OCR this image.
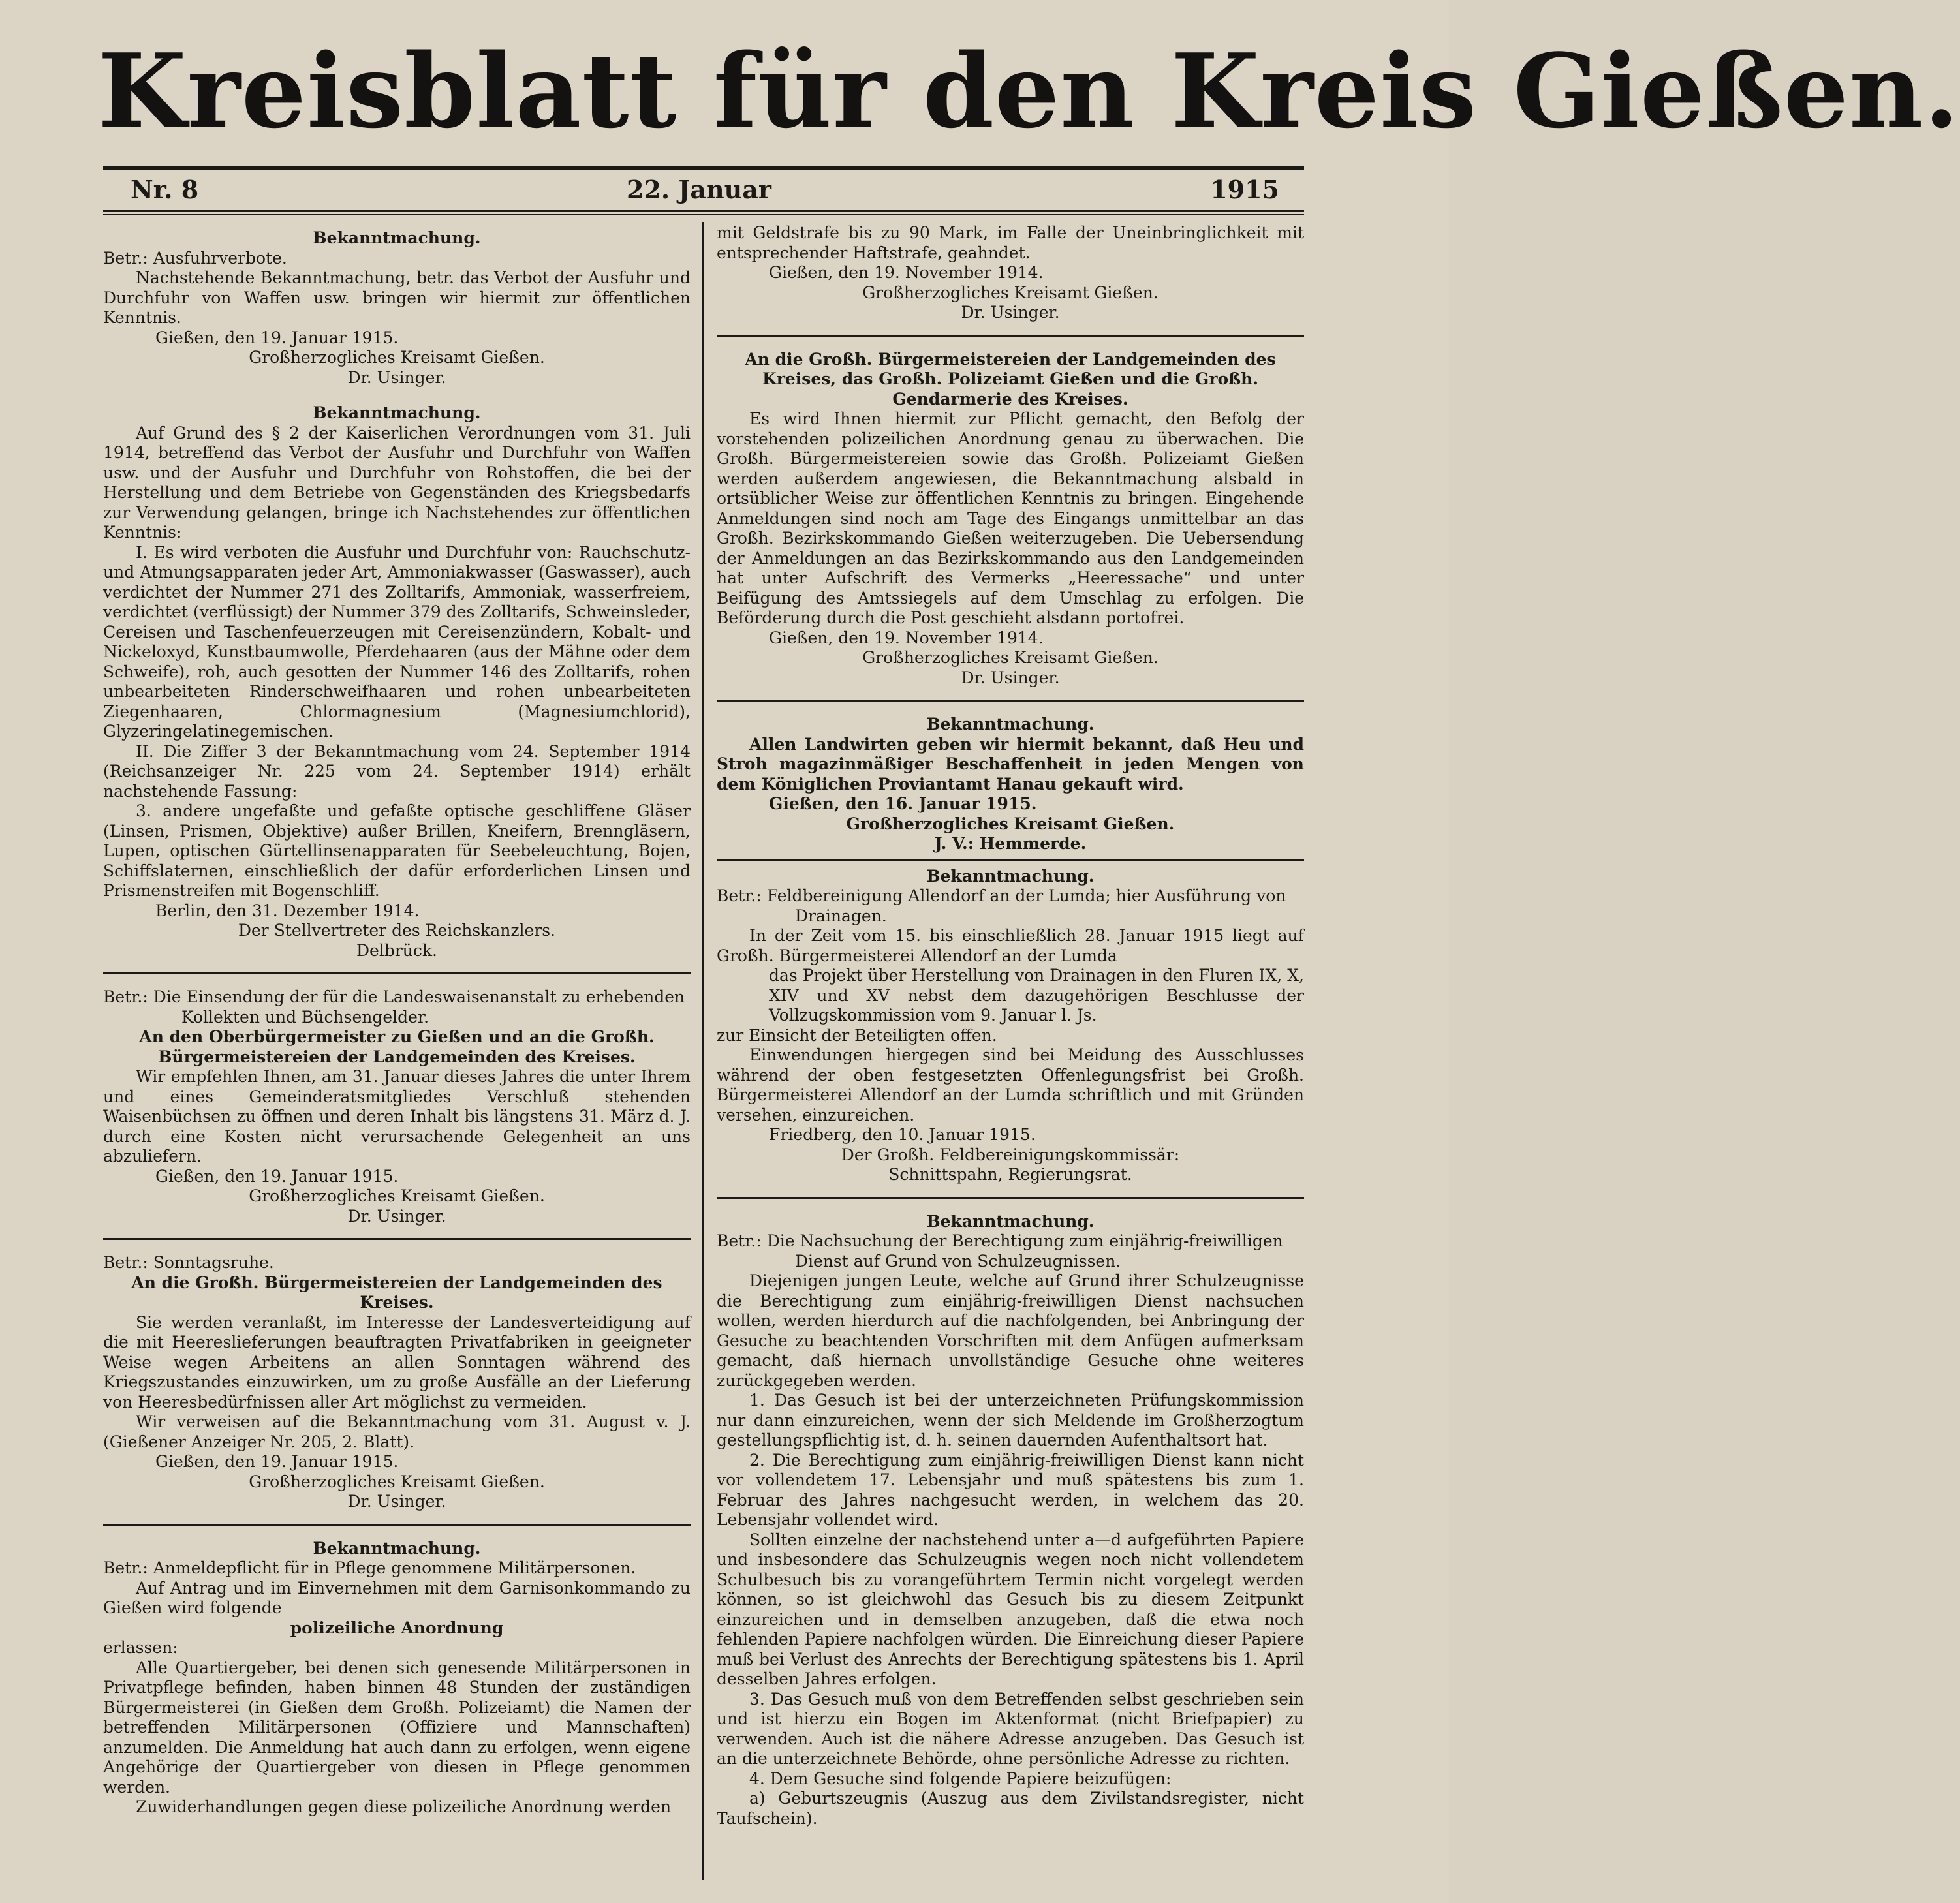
Kreisblatt für den Kreis Gießen.
Nr. 8	22. Januar	1915

Bekanntmachung.

Betr.: Ausfuhrverbote.

Nachstehende Bekanntmachung, betr. das Verbot der Ausfuhr und Durchfuhr von Waffen usw. bringen wir hiermit zur öffentlichen Kenntnis.

Gießen, den 19. Januar 1915.

Großherzogliches Kreisamt Gießen.

Dr. Usinger.

Bekanntmachung.

Auf Grund des § 2 der Kaiserlichen Verordnungen vom 31. Juli 1914, betreffend das Verbot der Ausfuhr und Durchfuhr von Waffen usw. und der Ausfuhr und Durchfuhr von Rohstoffen, die bei der Herstellung und dem Betriebe von Gegenständen des Kriegsbedarfs zur Verwendung gelangen, bringe ich Nachstehendes zur öffentlichen Kenntnis:

I. Es wird verboten die Ausfuhr und Durchfuhr von: Rauchschutz- und Atmungsapparaten jeder Art, Ammoniakwasser (Gaswasser), auch verdichtet der Nummer 271 des Zolltarifs, Ammoniak, wasserfreiem, verdichtet (verflüssigt) der Nummer 379 des Zolltarifs, Schweinsleder, Cereisen und Taschenfeuerzeugen mit Cereisenzündern, Kobalt- und Nickeloxyd, Kunstbaumwolle, Pferdehaaren (aus der Mähne oder dem Schweife), roh, auch gesotten der Nummer 146 des Zolltarifs, rohen unbearbeiteten Rinderschweifhaaren und rohen unbearbeiteten Ziegenhaaren, Chlormagnesium (Magnesiumchlorid), Glyzeringelatinegemischen.

II. Die Ziffer 3 der Bekanntmachung vom 24. September 1914 (Reichsanzeiger Nr. 225 vom 24. September 1914) erhält nachstehende Fassung:

3. andere ungefaßte und gefaßte optische geschliffene Gläser (Linsen, Prismen, Objektive) außer Brillen, Kneifern, Brenngläsern, Lupen, optischen Gürtellinsenapparaten für Seebeleuchtung, Bojen, Schiffslaternen, einschließlich der dafür erforderlichen Linsen und Prismenstreifen mit Bogenschliff.

Berlin, den 31. Dezember 1914.

Der Stellvertreter des Reichskanzlers.

Delbrück.

Betr.: Die Einsendung der für die Landeswaisenanstalt zu erhebenden Kollekten und Büchsengelder.

An den Oberbürgermeister zu Gießen und an die Großh. Bürgermeistereien der Landgemeinden des Kreises.

Wir empfehlen Ihnen, am 31. Januar dieses Jahres die unter Ihrem und eines Gemeinderatsmitgliedes Verschluß stehenden Waisenbüchsen zu öffnen und deren Inhalt bis längstens 31. März d. J. durch eine Kosten nicht verursachende Gelegenheit an uns abzuliefern.

Gießen, den 19. Januar 1915.

Großherzogliches Kreisamt Gießen.

Dr. Usinger.

Betr.: Sonntagsruhe.

An die Großh. Bürgermeistereien der Landgemeinden des Kreises.

Sie werden veranlaßt, im Interesse der Landesverteidigung auf die mit Heereslieferungen beauftragten Privatfabriken in geeigneter Weise wegen Arbeitens an allen Sonntagen während des Kriegszustandes einzuwirken, um zu große Ausfälle an der Lieferung von Heeresbedürfnissen aller Art möglichst zu vermeiden.

Wir verweisen auf die Bekanntmachung vom 31. August v. J. (Gießener Anzeiger Nr. 205, 2. Blatt).

Gießen, den 19. Januar 1915.

Großherzogliches Kreisamt Gießen.

Dr. Usinger.

Bekanntmachung.

Betr.: Anmeldepflicht für in Pflege genommene Militärpersonen.

Auf Antrag und im Einvernehmen mit dem Garnisonkommando zu Gießen wird folgende

polizeiliche Anordnung

erlassen:

Alle Quartiergeber, bei denen sich genesende Militärpersonen in Privatpflege befinden, haben binnen 48 Stunden der zuständigen Bürgermeisterei (in Gießen dem Großh. Polizeiamt) die Namen der betreffenden Militärpersonen (Offiziere und Mannschaften) anzumelden. Die Anmeldung hat auch dann zu erfolgen, wenn eigene Angehörige der Quartiergeber von diesen in Pflege genommen werden.

Zuwiderhandlungen gegen diese polizeiliche Anordnung werden

mit Geldstrafe bis zu 90 Mark, im Falle der Uneinbringlichkeit mit entsprechender Haftstrafe, geahndet.

Gießen, den 19. November 1914.

Großherzogliches Kreisamt Gießen.

Dr. Usinger.

An die Großh. Bürgermeistereien der Landgemeinden des Kreises, das Großh. Polizeiamt Gießen und die Großh. Gendarmerie des Kreises.

Es wird Ihnen hiermit zur Pflicht gemacht, den Befolg der vorstehenden polizeilichen Anordnung genau zu überwachen. Die Großh. Bürgermeistereien sowie das Großh. Polizeiamt Gießen werden außerdem angewiesen, die Bekanntmachung alsbald in ortsüblicher Weise zur öffentlichen Kenntnis zu bringen. Eingehende Anmeldungen sind noch am Tage des Eingangs unmittelbar an das Großh. Bezirkskommando Gießen weiterzugeben. Die Uebersendung der Anmeldungen an das Bezirkskommando aus den Landgemeinden hat unter Aufschrift des Vermerks „Heeressache“ und unter Beifügung des Amtssiegels auf dem Umschlag zu erfolgen. Die Beförderung durch die Post geschieht alsdann portofrei.

Gießen, den 19. November 1914.

Großherzogliches Kreisamt Gießen.

Dr. Usinger.

Bekanntmachung.

Allen Landwirten geben wir hiermit bekannt, daß Heu und Stroh magazinmäßiger Beschaffenheit in jeden Mengen von dem Königlichen Proviantamt Hanau gekauft wird.

Gießen, den 16. Januar 1915.

Großherzogliches Kreisamt Gießen.

J. V.: Hemmerde.

Bekanntmachung.

Betr.: Feldbereinigung Allendorf an der Lumda; hier Ausführung von Drainagen.

In der Zeit vom 15. bis einschließlich 28. Januar 1915 liegt auf Großh. Bürgermeisterei Allendorf an der Lumda

das Projekt über Herstellung von Drainagen in den Fluren IX, X, XIV und XV nebst dem dazugehörigen Beschlusse der Vollzugskommission vom 9. Januar l. Js.

zur Einsicht der Beteiligten offen.

Einwendungen hiergegen sind bei Meidung des Ausschlusses während der oben festgesetzten Offenlegungsfrist bei Großh. Bürgermeisterei Allendorf an der Lumda schriftlich und mit Gründen versehen, einzureichen.

Friedberg, den 10. Januar 1915.

Der Großh. Feldbereinigungskommissär:

Schnittspahn, Regierungsrat.

Bekanntmachung.

Betr.: Die Nachsuchung der Berechtigung zum einjährig-freiwilligen Dienst auf Grund von Schulzeugnissen.

Diejenigen jungen Leute, welche auf Grund ihrer Schulzeugnisse die Berechtigung zum einjährig-freiwilligen Dienst nachsuchen wollen, werden hierdurch auf die nachfolgenden, bei Anbringung der Gesuche zu beachtenden Vorschriften mit dem Anfügen aufmerksam gemacht, daß hiernach unvollständige Gesuche ohne weiteres zurückgegeben werden.

1. Das Gesuch ist bei der unterzeichneten Prüfungskommission nur dann einzureichen, wenn der sich Meldende im Großherzogtum gestellungspflichtig ist, d. h. seinen dauernden Aufenthaltsort hat.

2. Die Berechtigung zum einjährig-freiwilligen Dienst kann nicht vor vollendetem 17. Lebensjahr und muß spätestens bis zum 1. Februar des Jahres nachgesucht werden, in welchem das 20. Lebensjahr vollendet wird.

Sollten einzelne der nachstehend unter a—d aufgeführten Papiere und insbesondere das Schulzeugnis wegen noch nicht vollendetem Schulbesuch bis zu vorangeführtem Termin nicht vorgelegt werden können, so ist gleichwohl das Gesuch bis zu diesem Zeitpunkt einzureichen und in demselben anzugeben, daß die etwa noch fehlenden Papiere nachfolgen würden. Die Einreichung dieser Papiere muß bei Verlust des Anrechts der Berechtigung spätestens bis 1. April desselben Jahres erfolgen.

3. Das Gesuch muß von dem Betreffenden selbst geschrieben sein und ist hierzu ein Bogen im Aktenformat (nicht Briefpapier) zu verwenden. Auch ist die nähere Adresse anzugeben. Das Gesuch ist an die unterzeichnete Behörde, ohne persönliche Adresse zu richten.

4. Dem Gesuche sind folgende Papiere beizufügen:

a) Geburtszeugnis (Auszug aus dem Zivilstandsregister, nicht Taufschein).
